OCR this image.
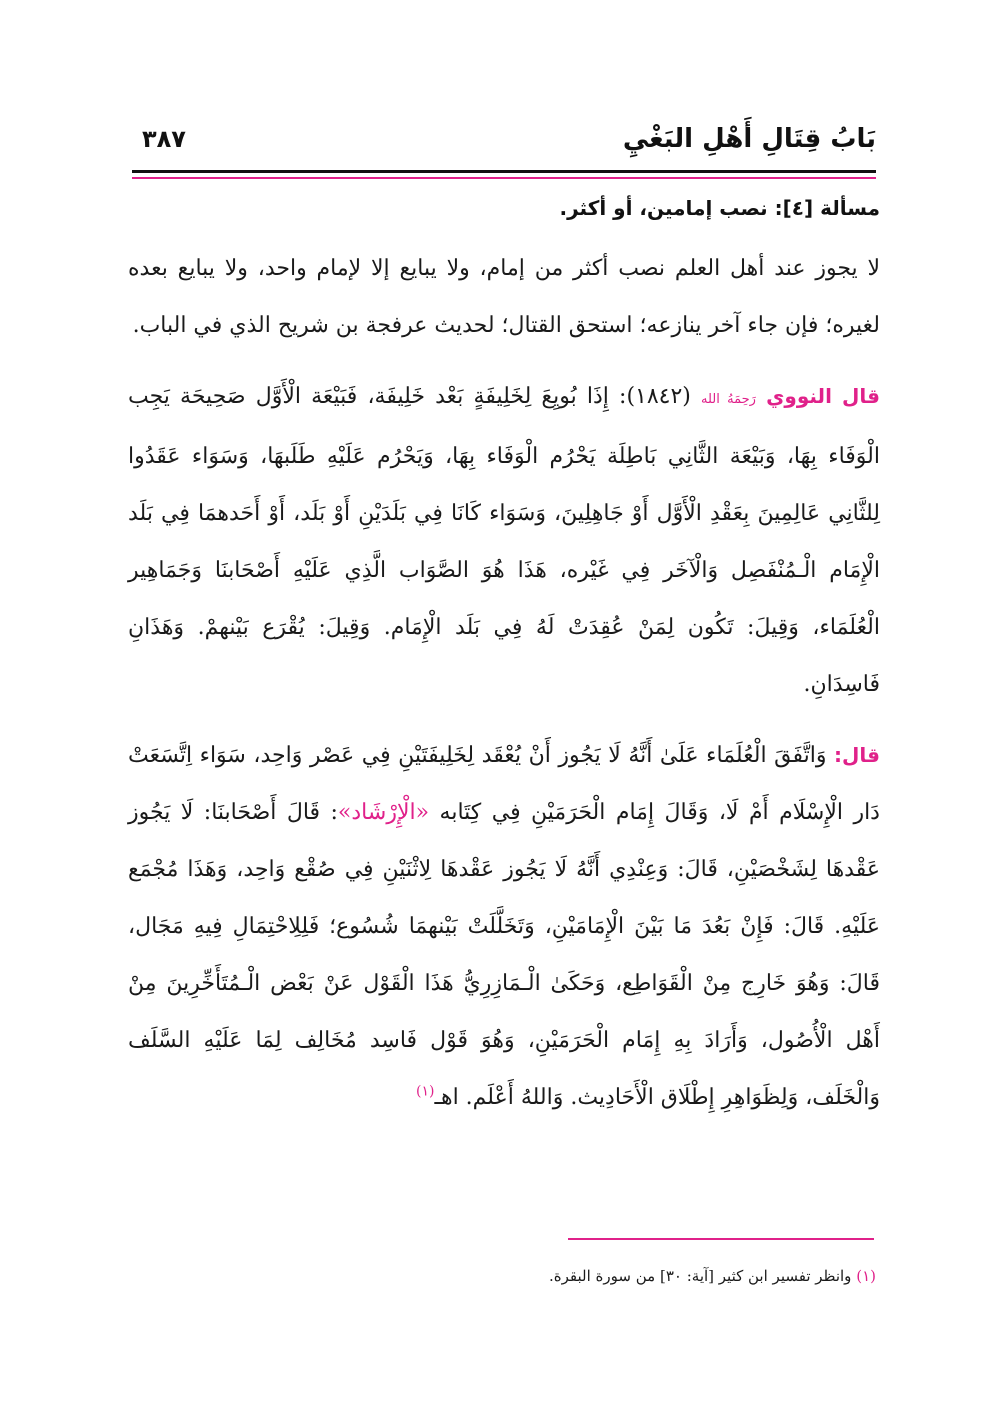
بَابُ قِتَالِ أَهْلِ البَغْيِ
٣٨٧
مسألة [٤]: نصب إمامين، أو أكثر.

لا يجوز عند أهل العلم نصب أكثر من إمام، ولا يبايع إلا لإمام واحد، ولا يبايع بعده لغيره؛ فإن جاء آخر ينازعه؛ استحق القتال؛ لحديث عرفجة بن شريح الذي في الباب.

قال النووي رَحِمَهُ الله (١٨٤٢): إِذَا بُويِعَ لِخَلِيفَةٍ بَعْد خَلِيفَة، فَبَيْعَة الْأَوَّل صَحِيحَة يَجِب الْوَفَاء بِهَا، وَبَيْعَة الثَّانِي بَاطِلَة يَحْرُم الْوَفَاء بِهَا، وَيَحْرُم عَلَيْهِ طَلَبهَا، وَسَوَاء عَقَدُوا لِلثَّانِي عَالِمِينَ بِعَقْدِ الْأَوَّل أَوْ جَاهِلِينَ، وَسَوَاء كَانَا فِي بَلَدَيْنِ أَوْ بَلَد، أَوْ أَحَدهمَا فِي بَلَد الْإِمَام الْـمُنْفَصِل وَالْآخَر فِي غَيْره، هَذَا هُوَ الصَّوَاب الَّذِي عَلَيْهِ أَصْحَابنَا وَجَمَاهِير الْعُلَمَاء، وَقِيلَ: تَكُون لِمَنْ عُقِدَتْ لَهُ فِي بَلَد الْإِمَام. وَقِيلَ: يُقْرَع بَيْنهمْ. وَهَذَانِ فَاسِدَانِ.

قال: وَاتَّفَقَ الْعُلَمَاء عَلَىٰ أَنَّهُ لَا يَجُوز أَنْ يُعْقَد لِخَلِيفَتَيْنِ فِي عَصْر وَاحِد، سَوَاء اِتَّسَعَتْ دَار الْإِسْلَام أَمْ لَا، وَقَالَ إِمَام الْحَرَمَيْنِ فِي كِتَابه «الْإِرْشَاد»: قَالَ أَصْحَابنَا: لَا يَجُوز عَقْدهَا لِشَخْصَيْنِ، قَالَ: وَعِنْدِي أَنَّهُ لَا يَجُوز عَقْدهَا لِاثْنَيْنِ فِي صُقْع وَاحِد، وَهَذَا مُجْمَع عَلَيْهِ. قَالَ: فَإِنْ بَعُدَ مَا بَيْنَ الْإِمَامَيْنِ، وَتَخَلَّلَتْ بَيْنهمَا شُسُوع؛ فَلِلِاحْتِمَالِ فِيهِ مَجَال، قَالَ: وَهُوَ خَارِج مِنْ الْقَوَاطِع، وَحَكَىٰ الْـمَازِرِيُّ هَذَا الْقَوْل عَنْ بَعْض الْـمُتَأَخِّرِينَ مِنْ أَهْل الْأُصُول، وَأَرَادَ بِهِ إِمَام الْحَرَمَيْنِ، وَهُوَ قَوْل فَاسِد مُخَالِف لِمَا عَلَيْهِ السَّلَف وَالْخَلَف، وَلِظَوَاهِرِ إِطْلَاق الْأَحَادِيث. وَاللهُ أَعْلَم. اهـ$^{(١)}$

(١) وانظر تفسير ابن كثير [آية: ٣٠] من سورة البقرة.
